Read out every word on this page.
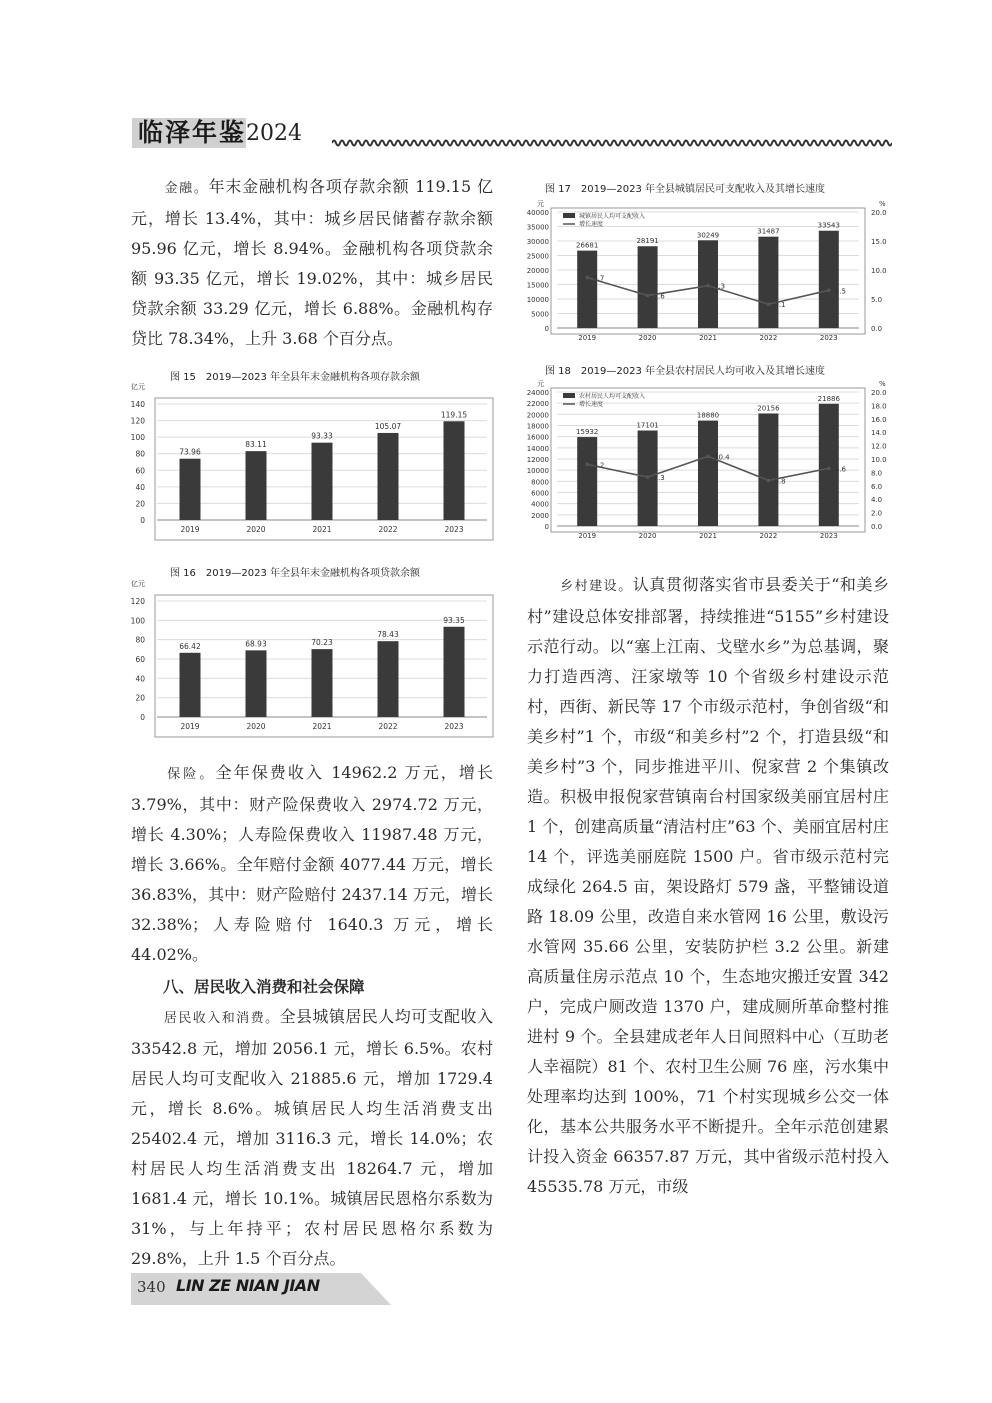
临泽年鉴 2024

　　金融。年末金融机构各项存款余额 119.15 亿元，增长 13.4%，其中：城乡居民储蓄存款余额 95.96 亿元，增长 8.94%。金融机构各项贷款余额 93.35 亿元，增长 19.02%，其中：城乡居民贷款余额 33.29 亿元，增长 6.88%。金融机构存贷比 78.34%，上升 3.68 个百分点。

图 15　2019—2023 年全县年末金融机构各项存款余额
亿元
0
20
40
60
80
100
120
140
73.96
2019
83.11
2020
93.33
2021
105.07
2022
119.15
2023
图 16　2019—2023 年全县年末金融机构各项贷款余额
亿元
0
20
40
60
80
100
120
66.42
2019
68.93
2020
70.23
2021
78.43
2022
93.35
2023

　　保险。全年保费收入 14962.2 万元，增长 3.79%，其中：财产险保费收入 2974.72 万元，增长 4.30%；人寿险保费收入 11987.48 万元，增长 3.66%。全年赔付金额 4077.44 万元，增长 36.83%，其中：财产险赔付 2437.14 万元，增长 32.38%；人寿险赔付 1640.3 万元，增长 44.02%。

　　八、居民收入消费和社会保障

　　居民收入和消费。全县城镇居民人均可支配收入 33542.8 元，增加 2056.1 元，增长 6.5%。农村居民人均可支配收入 21885.6 元，增加 1729.4 元，增长 8.6%。城镇居民人均生活消费支出 25402.4 元，增加 3116.3 元，增长 14.0%；农村居民人均生活消费支出 18264.7 元，增加 1681.4 元，增长 10.1%。城镇居民恩格尔系数为 31%，与上年持平；农村居民恩格尔系数为 29.8%，上升 1.5 个百分点。

图 17　2019—2023 年全县城镇居民可支配收入及其增长速度
元	%
0
5000
10000
15000
20000
25000
30000
35000
40000
0.0
5.0
10.0
15.0
20.0
26681
2019
28191
2020
30249
2021
31487
2022
33543
2023
8.7
5.6
7.3
4.1
6.5
城镇居民人均可支配收入
增长速度
图 18　2019—2023 年全县农村居民人均可收入及其增长速度
元	%
0
2000
4000
6000
8000
10000
12000
14000
16000
18000
20000
22000
24000
0.0
2.0
4.0
6.0
8.0
10.0
12.0
14.0
16.0
18.0
20.0
15932
2019
17101
2020
18880
2021
20156
2022
21886
2023
9.2
7.3
10.4
6.8
8.6
农村居民人均可支配收入
增长速度

　　乡村建设。认真贯彻落实省市县委关于“和美乡村”建设总体安排部署，持续推进“5155”乡村建设示范行动。以“塞上江南、戈壁水乡”为总基调，聚力打造西湾、汪家墩等 10 个省级乡村建设示范村，西街、新民等 17 个市级示范村，争创省级“和美乡村”1 个，市级“和美乡村”2 个，打造县级“和美乡村”3 个，同步推进平川、倪家营 2 个集镇改造。积极申报倪家营镇南台村国家级美丽宜居村庄 1 个，创建高质量“清洁村庄”63 个、美丽宜居村庄 14 个，评选美丽庭院 1500 户。省市级示范村完成绿化 264.5 亩，架设路灯 579 盏，平整铺设道路 18.09 公里，改造自来水管网 16 公里，敷设污水管网 35.66 公里，安装防护栏 3.2 公里。新建高质量住房示范点 10 个，生态地灾搬迁安置 342 户，完成户厕改造 1370 户，建成厕所革命整村推进村 9 个。全县建成老年人日间照料中心（互助老人幸福院）81 个、农村卫生公厕 76 座，污水集中处理率均达到 100%，71 个村实现城乡公交一体化，基本公共服务水平不断提升。全年示范创建累计投入资金 66357.87 万元，其中省级示范村投入 45535.78 万元，市级

340 LIN ZE NIAN JIAN
